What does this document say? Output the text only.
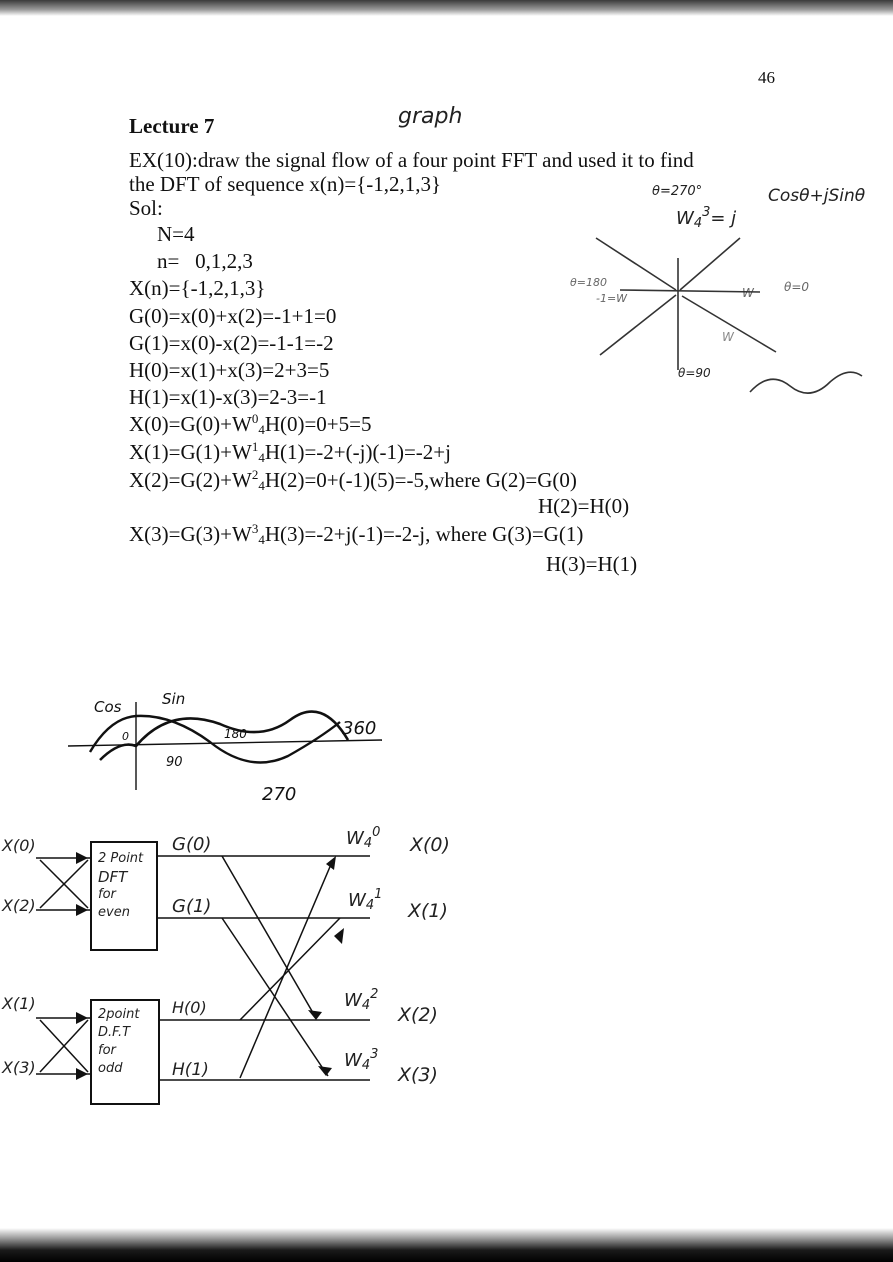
46
Lecture 7	graph
EX(10):draw the signal flow of a four point FFT and used it to find
the DFT of sequence x(n)={-1,2,1,3}
Sol:
N=4
n=   0,1,2,3
X(n)={-1,2,1,3}
G(0)=x(0)+x(2)=-1+1=0
G(1)=x(0)-x(2)=-1-1=-2
H(0)=x(1)+x(3)=2+3=5
H(1)=x(1)-x(3)=2-3=-1
$X(0)=G(0)+W^0_4H(0)=0+5=5$
$X(1)=G(1)+W^1_4H(1)=-2+(-j)(-1)=-2+j$
$X(2)=G(2)+W^2_4H(2)=0+(-1)(5)=-5,where$ G(2)=G(0)
H(2)=H(0)
$X(3)=G(3)+W^3_4H(3)=-2+j(-1)=-2-j$, where G(3)=G(1)
H(3)=H(1)
θ=270°	Cosθ+jSinθ
$W_4^3= j$
θ=180
-1=W	W	θ=0
W
θ=90
Cos	Sin
0
90
180
270
360
X(0)
X(2)
X(1)
X(3)
2 Point
DFT
for
even
2point
D.F.T
for
odd
G(0)
G(1)
H(0)
H(1)
$W_4^0$
$W_4^1$
$W_4^2$
$W_4^3$
X(0)
X(1)
X(2)
X(3)
